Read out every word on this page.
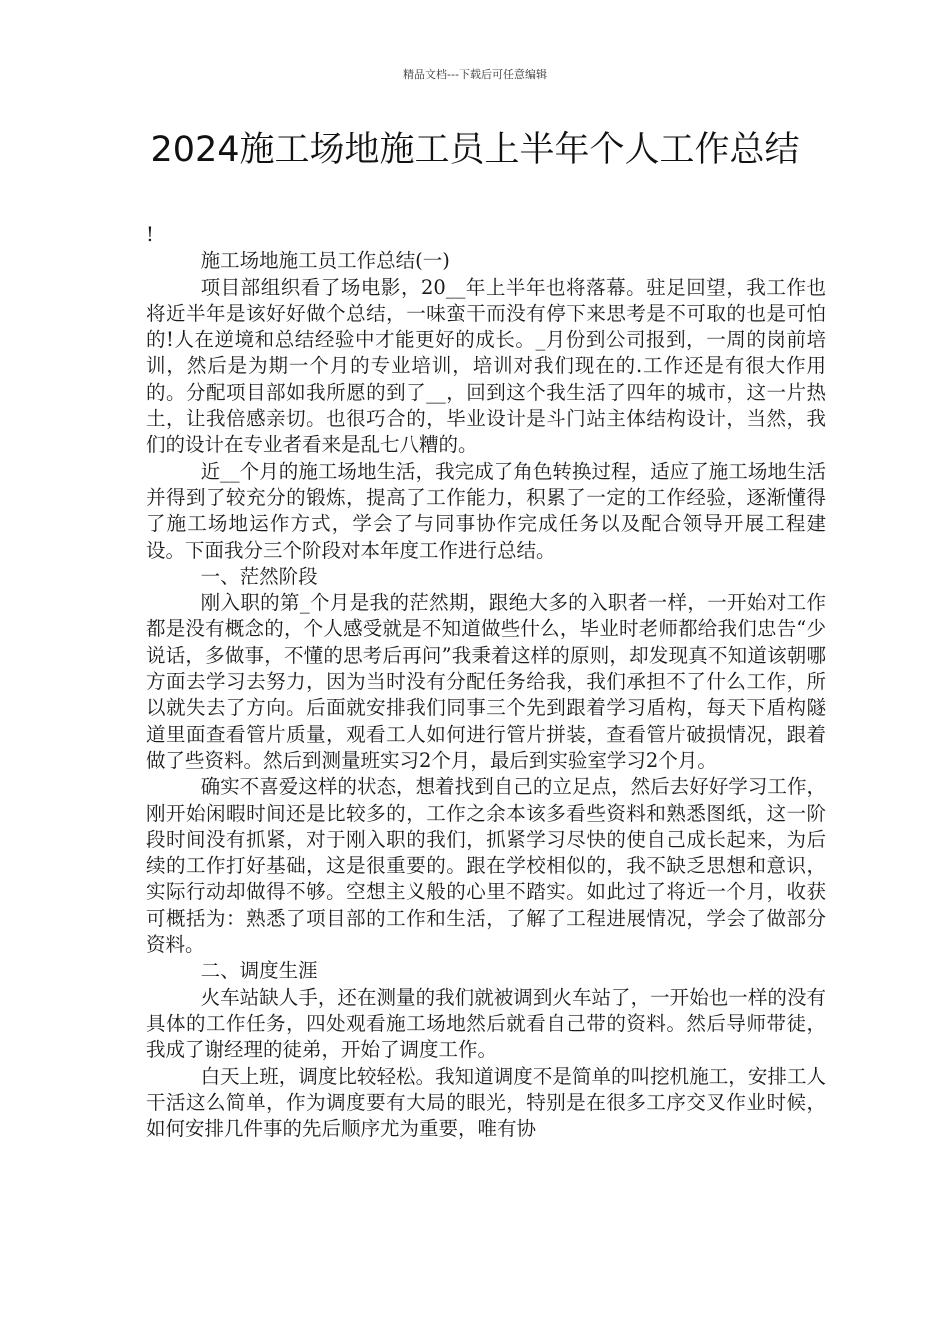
精品文档---下载后可任意编辑
2024施工场地施工员上半年个人工作总结

!

施工场地施工员工作总结(一)

项目部组织看了场电影，20__年上半年也将落幕。驻足回望，我工作也将近半年是该好好做个总结，一味蛮干而没有停下来思考是不可取的也是可怕的!人在逆境和总结经验中才能更好的成长。_月份到公司报到，一周的岗前培训，然后是为期一个月的专业培训，培训对我们现在的.工作还是有很大作用的。分配项目部如我所愿的到了__，回到这个我生活了四年的城市，这一片热土，让我倍感亲切。也很巧合的，毕业设计是斗门站主体结构设计，当然，我们的设计在专业者看来是乱七八糟的。

近__个月的施工场地生活，我完成了角色转换过程，适应了施工场地生活并得到了较充分的锻炼，提高了工作能力，积累了一定的工作经验，逐渐懂得了施工场地运作方式，学会了与同事协作完成任务以及配合领导开展工程建设。下面我分三个阶段对本年度工作进行总结。

一、茫然阶段

刚入职的第_个月是我的茫然期，跟绝大多的入职者一样，一开始对工作都是没有概念的，个人感受就是不知道做些什么，毕业时老师都给我们忠告“少说话，多做事，不懂的思考后再问”我秉着这样的原则，却发现真不知道该朝哪方面去学习去努力，因为当时没有分配任务给我，我们承担不了什么工作，所以就失去了方向。后面就安排我们同事三个先到跟着学习盾构，每天下盾构隧道里面查看管片质量，观看工人如何进行管片拼装，查看管片破损情况，跟着做了些资料。然后到测量班实习2个月，最后到实验室学习2个月。

确实不喜爱这样的状态，想着找到自己的立足点，然后去好好学习工作，刚开始闲暇时间还是比较多的，工作之余本该多看些资料和熟悉图纸，这一阶段时间没有抓紧，对于刚入职的我们，抓紧学习尽快的使自己成长起来，为后续的工作打好基础，这是很重要的。跟在学校相似的，我不缺乏思想和意识，实际行动却做得不够。空想主义般的心里不踏实。如此过了将近一个月，收获可概括为：熟悉了项目部的工作和生活，了解了工程进展情况，学会了做部分资料。

二、调度生涯

火车站缺人手，还在测量的我们就被调到火车站了，一开始也一样的没有具体的工作任务，四处观看施工场地然后就看自己带的资料。然后导师带徒，我成了谢经理的徒弟，开始了调度工作。

白天上班，调度比较轻松。我知道调度不是简单的叫挖机施工，安排工人干活这么简单，作为调度要有大局的眼光，特别是在很多工序交叉作业时候，如何安排几件事的先后顺序尤为重要，唯有协
